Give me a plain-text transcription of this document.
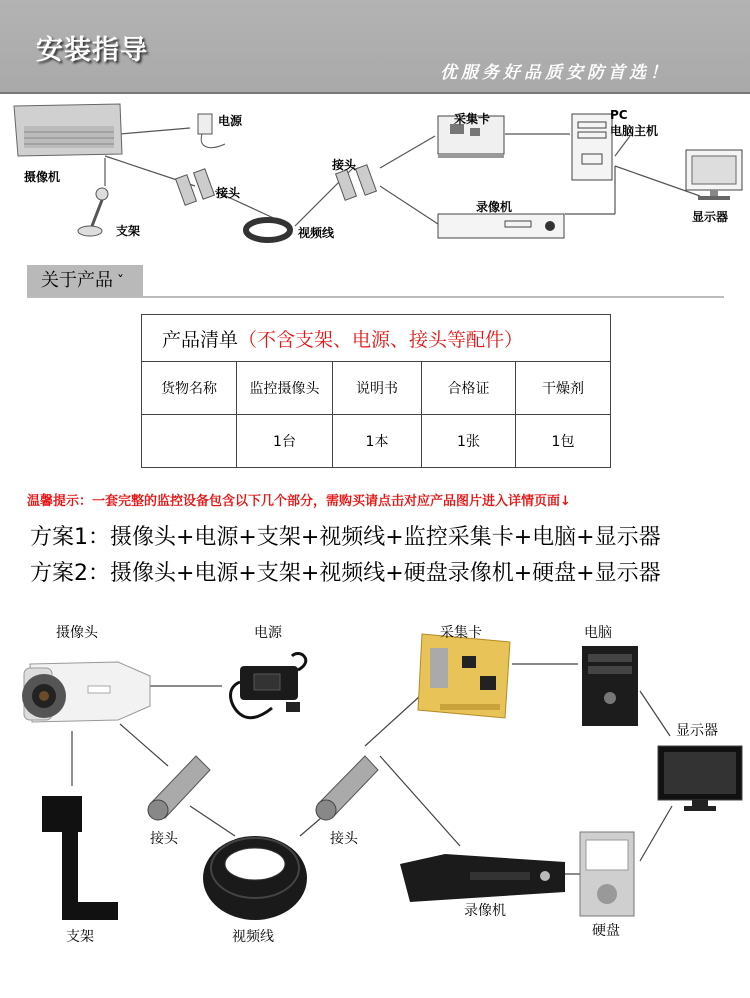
安装指导
优服务好品质安防首选！
电源
摄像机
接头
接头
支架	视频线
采集卡	PC
电脑主机
录像机
显示器
关于产品 ˇ
产品清单（不含支架、电源、接头等配件）				
货物名称	监控摄像头	说明书	合格证	干燥剂
	1台	1本	1张	1包
温馨提示：一套完整的监控设备包含以下几个部分，需购买请点击对应产品图片进入详情页面↓
方案1：摄像头+电源+支架+视频线+监控采集卡+电脑+显示器
方案2：摄像头+电源+支架+视频线+硬盘录像机+硬盘+显示器
摄像头	电源	采集卡	电脑
显示器
接头	接头
支架	视频线
录像机
硬盘
